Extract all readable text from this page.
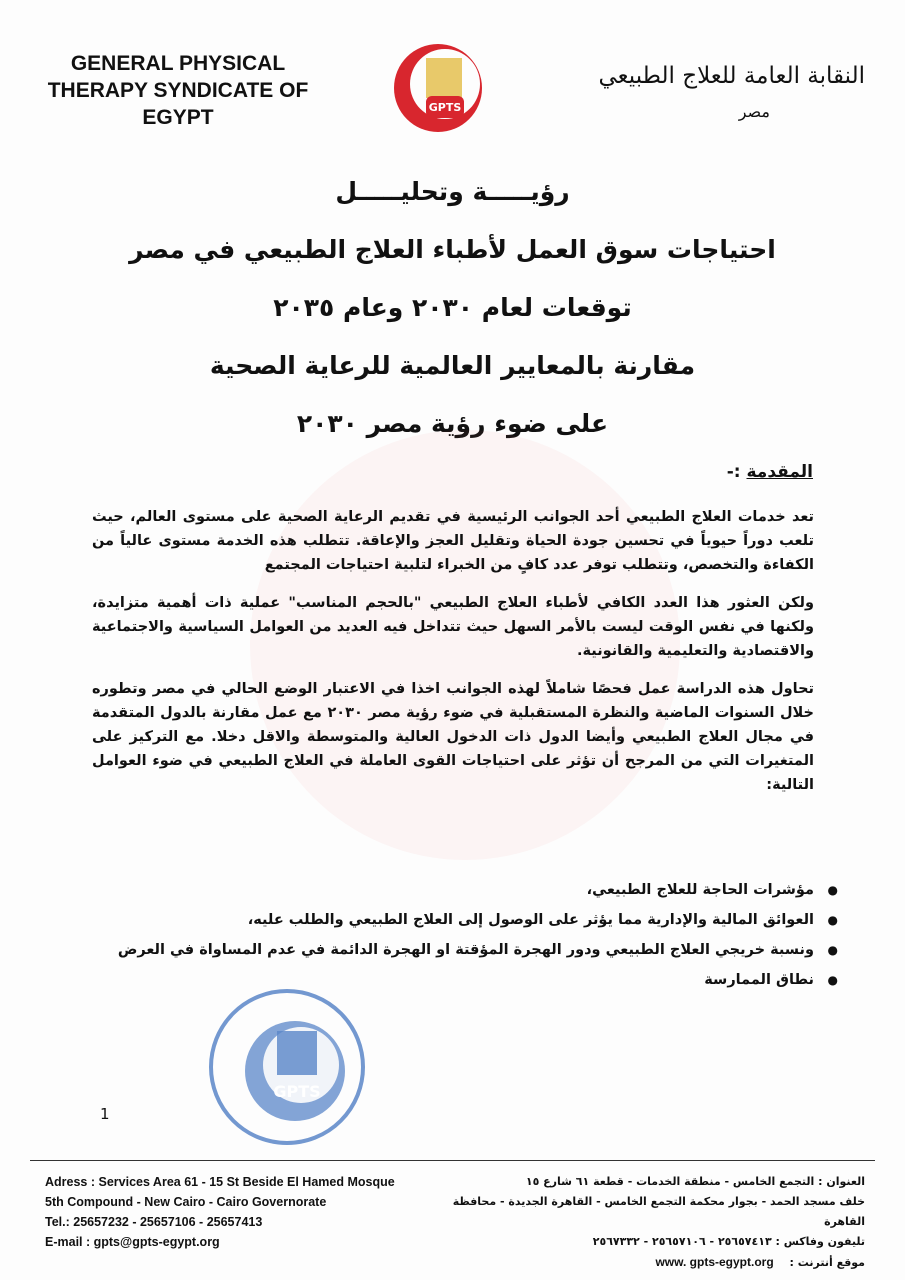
GENERAL PHYSICAL THERAPY SYNDICATE OF EGYPT	GPTS
النقابة العامة للعلاج الطبيعي
مصر
رؤيـــــة وتحليـــــل
احتياجات سوق العمل لأطباء العلاج الطبيعي في مصر
توقعات لعام ٢٠٣٠ وعام ٢٠٣٥
مقارنة بالمعايير العالمية للرعاية الصحية
على ضوء رؤية مصر ٢٠٣٠
المقدمة :-

تعد خدمات العلاج الطبيعي أحد الجوانب الرئيسية في تقديم الرعاية الصحية على مستوى العالم، حيث تلعب دوراً حيوياً في تحسين جودة الحياة وتقليل العجز والإعاقة. تتطلب هذه الخدمة مستوى عالياً من الكفاءة والتخصص، وتتطلب توفر عدد كافٍ من الخبراء لتلبية احتياجات المجتمع

ولكن العثور هذا العدد الكافي لأطباء العلاج الطبيعي "بالحجم المناسب" عملية ذات أهمية متزايدة، ولكنها في نفس الوقت ليست بالأمر السهل حيث تتداخل فيه العديد من العوامل السياسية والاجتماعية والاقتصادية والتعليمية والقانونية.

تحاول هذه الدراسة عمل فحصًا شاملاً لهذه الجوانب اخذا في الاعتبار الوضع الحالي في مصر وتطوره خلال السنوات الماضية والنظرة المستقبلية في ضوء رؤية مصر ٢٠٣٠ مع عمل مقارنة بالدول المتقدمة في مجال العلاج الطبيعي وأيضا الدول ذات الدخول العالية والمتوسطة والاقل دخلا. مع التركيز على المتغيرات التي من المرجح أن تؤثر على احتياجات القوى العاملة في العلاج الطبيعي في ضوء العوامل التالية:

● مؤشرات الحاجة للعلاج الطبيعي،
● العوائق المالية والإدارية مما يؤثر على الوصول إلى العلاج الطبيعي والطلب عليه،
● ونسبة خريجي العلاج الطبيعي ودور الهجرة المؤقتة او الهجرة الدائمة في عدم المساواة في العرض
● نطاق الممارسة
GPTS
1
Adress : Services Area 61 - 15 St Beside El Hamed Mosque
5th Compound - New Cairo - Cairo Governorate
Tel.: 25657232 - 25657106 - 25657413
E-mail : gpts@gpts-egypt.org
العنوان : التجمع الخامس - منطقة الخدمات - قطعة ٦١ شارع ١٥
خلف مسجد الحمد - بجوار محكمة التجمع الخامس - القاهرة الجديدة - محافظة القاهرة
تليفون وفاكس : ٢٥٦٥٧٤١٣ - ٢٥٦٥٧١٠٦ - ٢٥٦٧٣٣٢
موقع أنترنت : www. gpts-egypt.org
